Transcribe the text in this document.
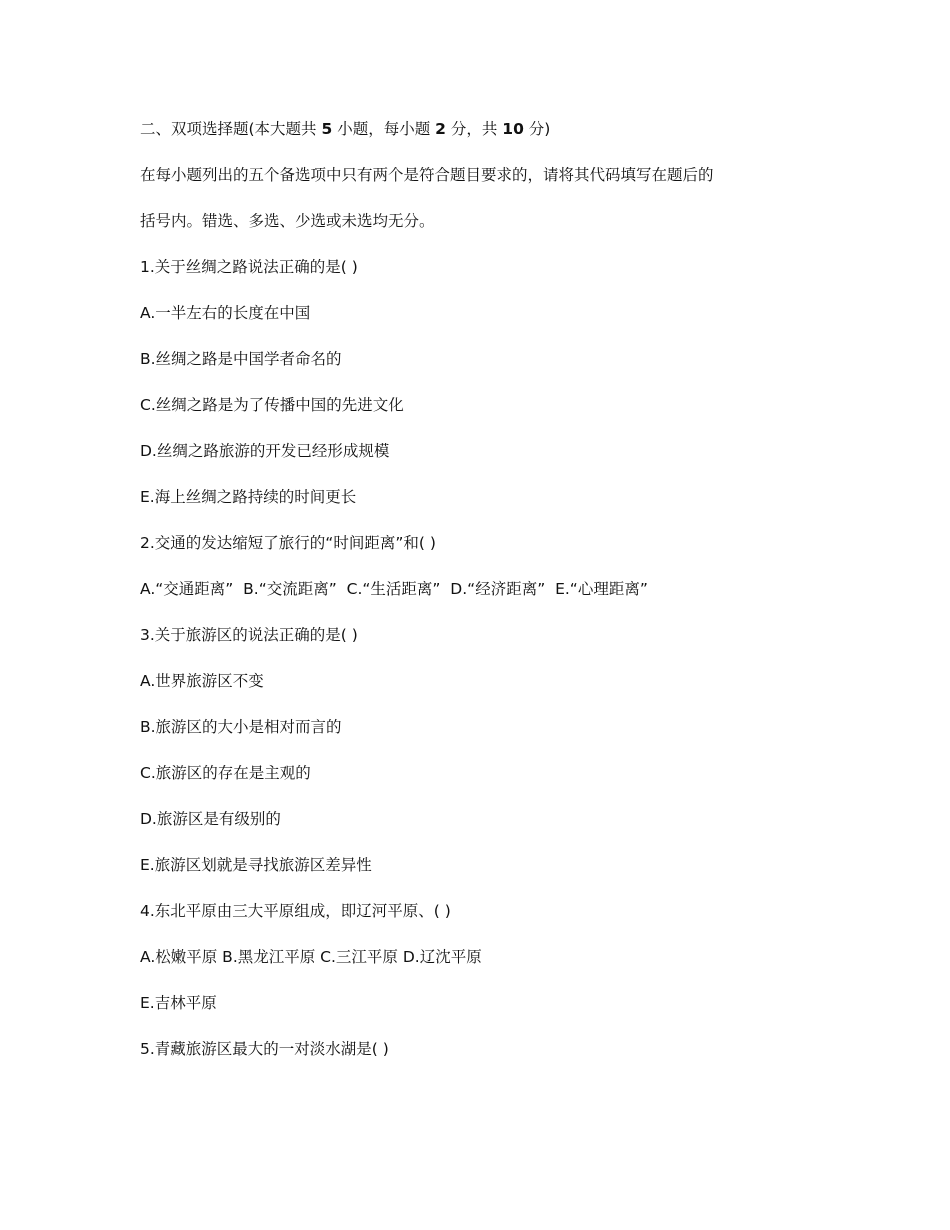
二、双项选择题(本大题共 5 小题，每小题 2 分，共 10 分)
在每小题列出的五个备选项中只有两个是符合题目要求的，请将其代码填写在题后的
括号内。错选、多选、少选或未选均无分。
1.关于丝绸之路说法正确的是( )
A.一半左右的长度在中国
B.丝绸之路是中国学者命名的
C.丝绸之路是为了传播中国的先进文化
D.丝绸之路旅游的开发已经形成规模
E.海上丝绸之路持续的时间更长
2.交通的发达缩短了旅行的“时间距离”和( )
A.“交通距离”  B.“交流距离”  C.“生活距离”  D.“经济距离”  E.“心理距离”
3.关于旅游区的说法正确的是( )
A.世界旅游区不变
B.旅游区的大小是相对而言的
C.旅游区的存在是主观的
D.旅游区是有级别的
E.旅游区划就是寻找旅游区差异性
4.东北平原由三大平原组成，即辽河平原、( )
A.松嫩平原 B.黑龙江平原 C.三江平原 D.辽沈平原
E.吉林平原
5.青藏旅游区最大的一对淡水湖是( )
